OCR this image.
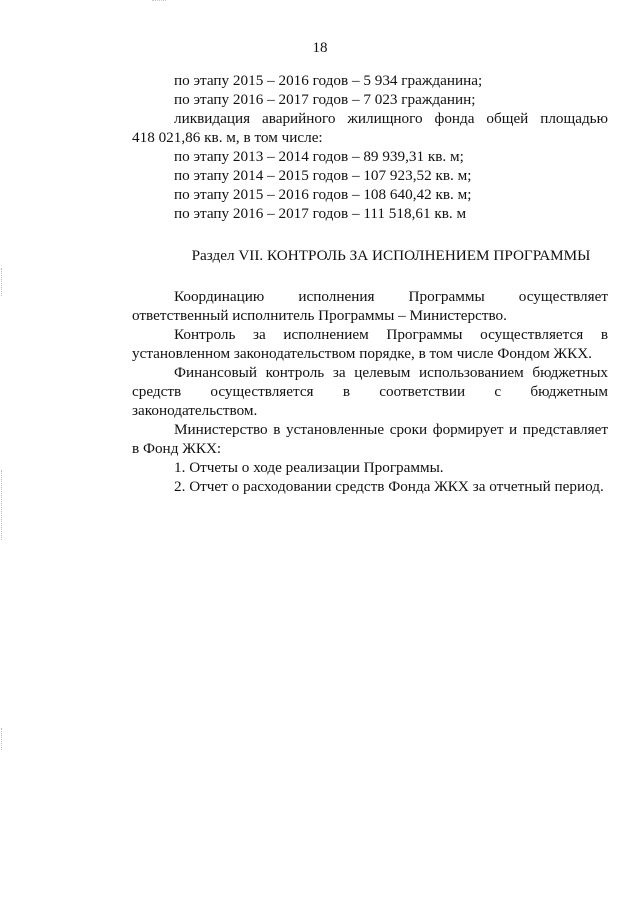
18
по этапу 2015 – 2016 годов – 5 934 гражданина;
по этапу 2016 – 2017 годов – 7 023 гражданин;
ликвидация аварийного жилищного фонда общей площадью
418 021,86 кв. м, в том числе:
по этапу 2013 – 2014 годов – 89 939,31 кв. м;
по этапу 2014 – 2015 годов – 107 923,52 кв. м;
по этапу 2015 – 2016 годов – 108 640,42 кв. м;
по этапу 2016 – 2017 годов – 111 518,61 кв. м
Раздел VII. КОНТРОЛЬ ЗА ИСПОЛНЕНИЕМ ПРОГРАММЫ
Координацию исполнения Программы осуществляет ответственный исполнитель Программы – Министерство.
Контроль за исполнением Программы осуществляется в установленном законодательством порядке, в том числе Фондом ЖКХ.
Финансовый контроль за целевым использованием бюджетных средств осуществляется в соответствии с бюджетным законодательством.
Министерство в установленные сроки формирует и представляет в Фонд ЖКХ:
1. Отчеты о ходе реализации Программы.
2. Отчет о расходовании средств Фонда ЖКХ за отчетный период.
